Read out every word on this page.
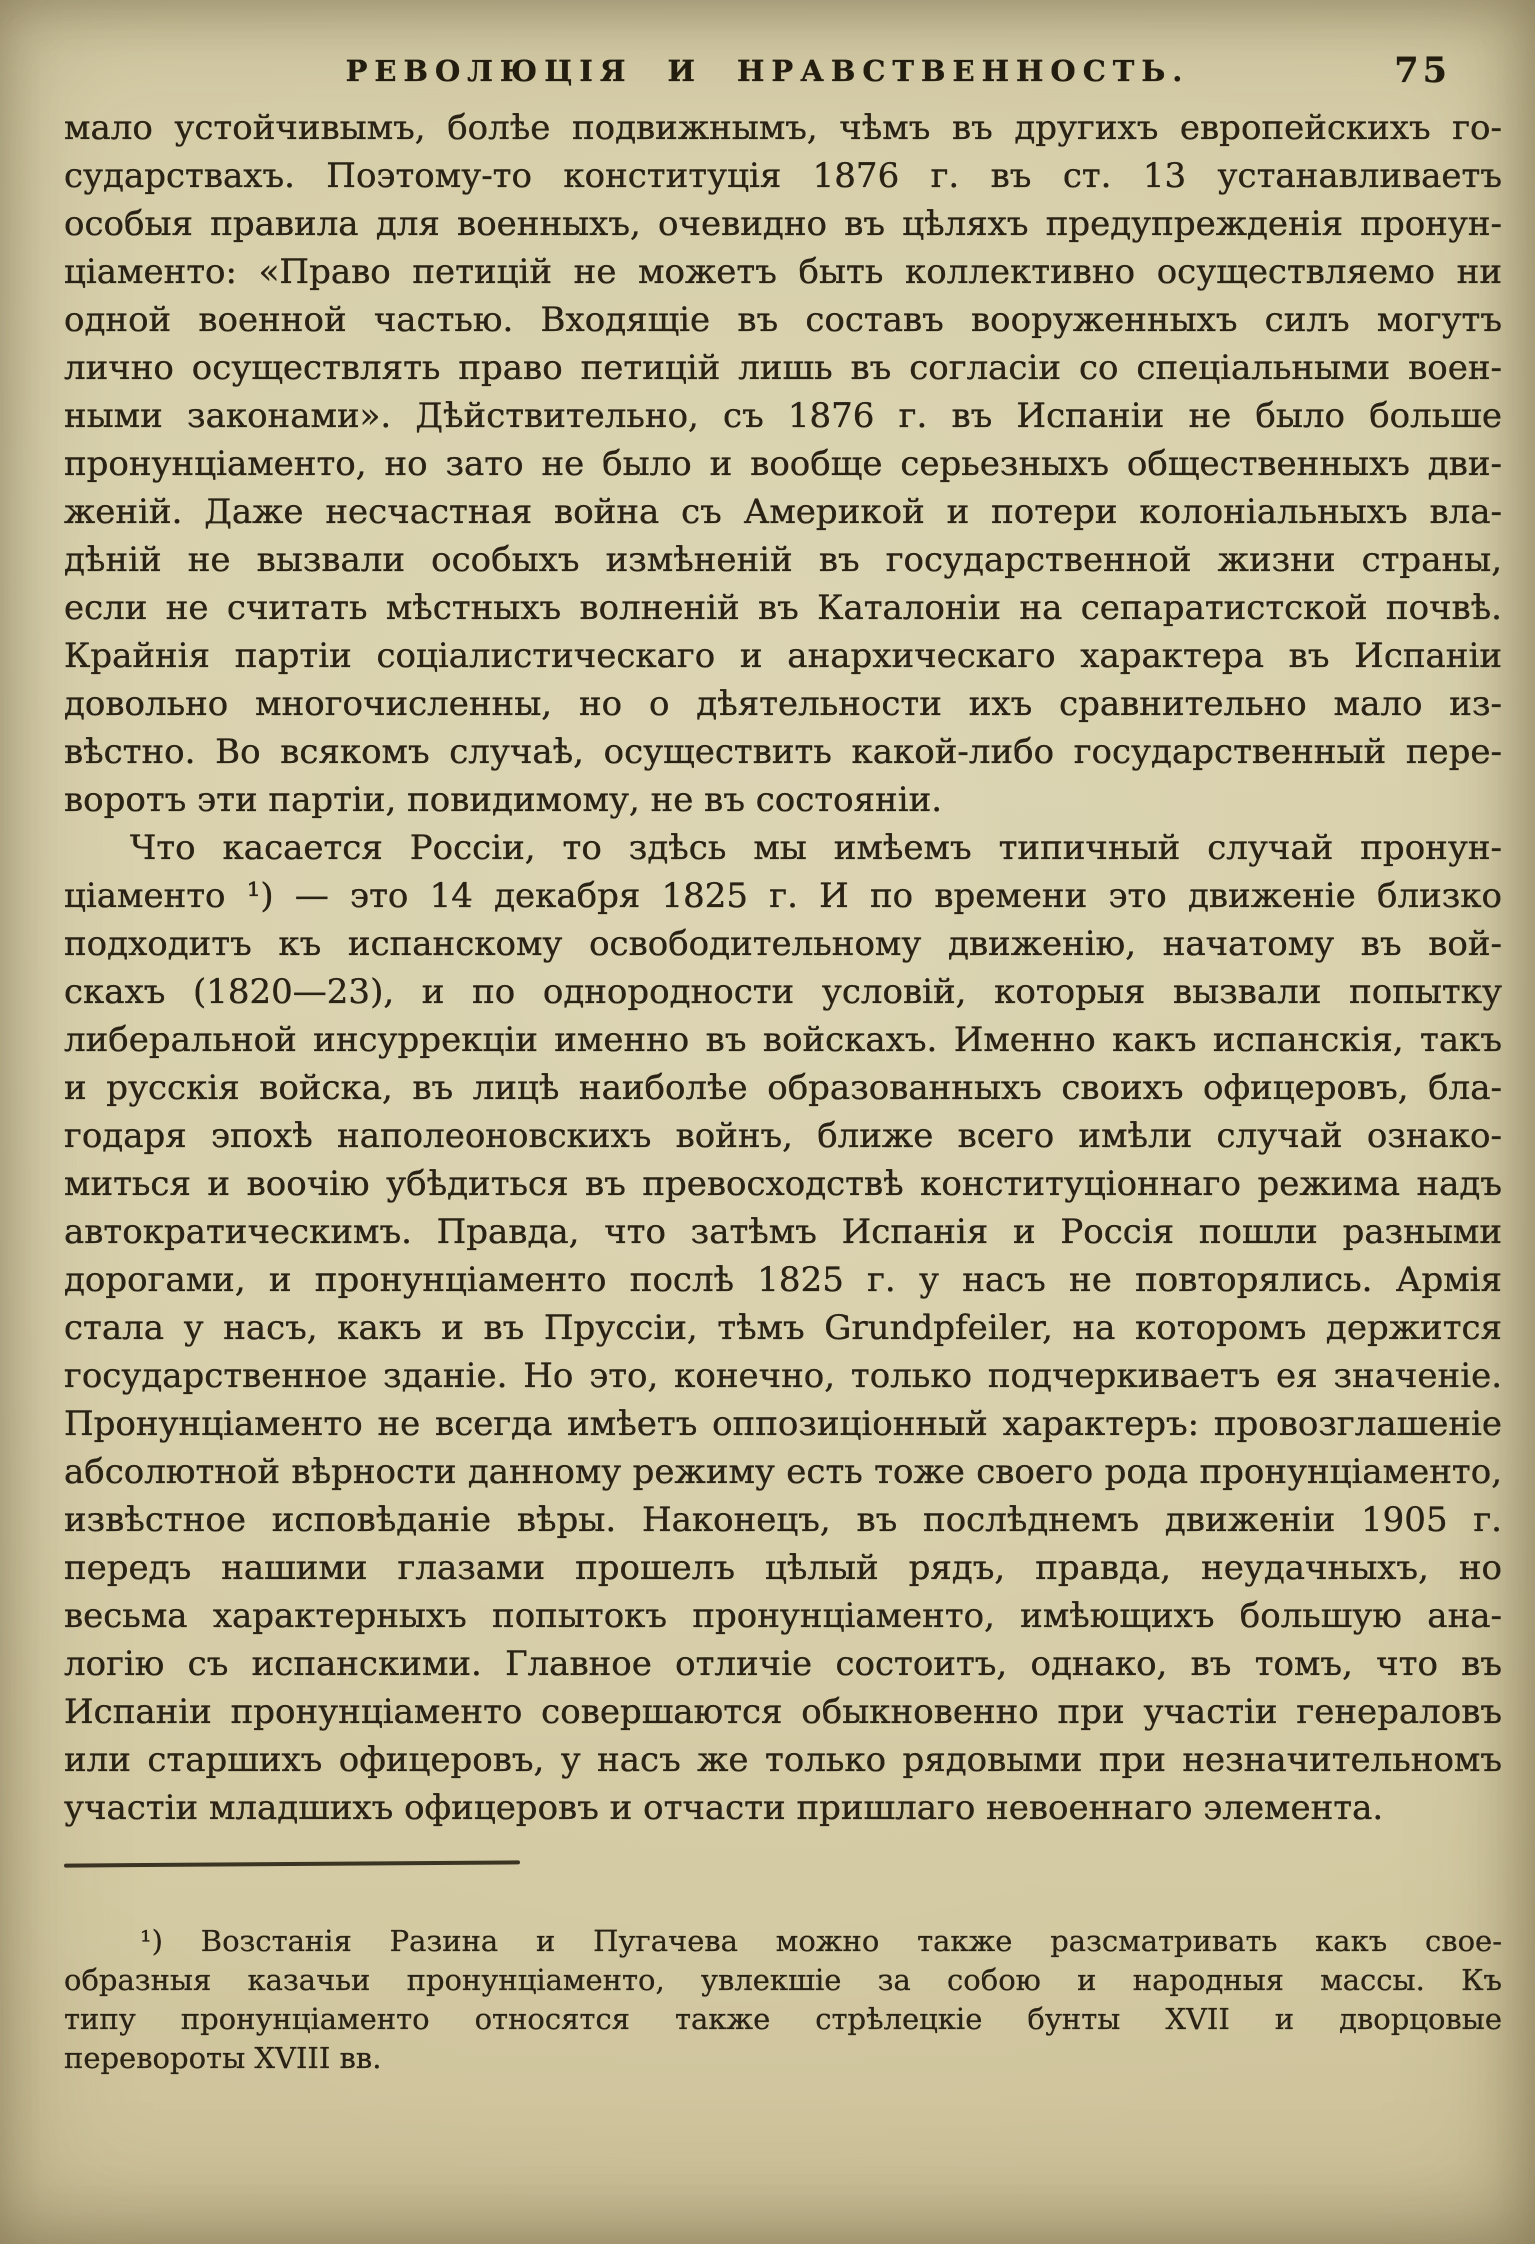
РЕВОЛЮЦІЯ И НРАВСТВЕННОСТЬ.	75
мало устойчивымъ, болѣе подвижнымъ, чѣмъ въ другихъ европейскихъ го-
сударствахъ. Поэтому-то конституція 1876 г. въ ст. 13 устанавливаетъ
особыя правила для военныхъ, очевидно въ цѣляхъ предупрежденія пронун-
ціаменто: «Право петицій не можетъ быть коллективно осуществляемо ни
одной военной частью. Входящіе въ составъ вооруженныхъ силъ могутъ
лично осуществлять право петицій лишь въ согласіи со спеціальными воен-
ными законами». Дѣйствительно, съ 1876 г. въ Испаніи не было больше
пронунціаменто, но зато не было и вообще серьезныхъ общественныхъ дви-
женій. Даже несчастная война съ Америкой и потери колоніальныхъ вла-
дѣній не вызвали особыхъ измѣненій въ государственной жизни страны,
если не считать мѣстныхъ волненій въ Каталоніи на сепаратистской почвѣ.
Крайнія партіи соціалистическаго и анархическаго характера въ Испаніи
довольно многочисленны, но о дѣятельности ихъ сравнительно мало из-
вѣстно. Во всякомъ случаѣ, осуществить какой-либо государственный пере-
воротъ эти партіи, повидимому, не въ состояніи.
Что касается Россіи, то здѣсь мы имѣемъ типичный случай пронун-
ціаменто ¹) — это 14 декабря 1825 г. И по времени это движеніе близко
подходитъ къ испанскому освободительному движенію, начатому въ вой-
скахъ (1820—23), и по однородности условій, которыя вызвали попытку
либеральной инсуррекціи именно въ войскахъ. Именно какъ испанскія, такъ
и русскія войска, въ лицѣ наиболѣе образованныхъ своихъ офицеровъ, бла-
годаря эпохѣ наполеоновскихъ войнъ, ближе всего имѣли случай ознако-
миться и воочію убѣдиться въ превосходствѣ конституціоннаго режима надъ
автократическимъ. Правда, что затѣмъ Испанія и Россія пошли разными
дорогами, и пронунціаменто послѣ 1825 г. у насъ не повторялись. Армія
стала у насъ, какъ и въ Пруссіи, тѣмъ Grundpfeiler, на которомъ держится
государственное зданіе. Но это, конечно, только подчеркиваетъ ея значеніе.
Пронунціаменто не всегда имѣетъ оппозиціонный характеръ: провозглашеніе
абсолютной вѣрности данному режиму есть тоже своего рода пронунціаменто,
извѣстное исповѣданіе вѣры. Наконецъ, въ послѣднемъ движеніи 1905 г.
передъ нашими глазами прошелъ цѣлый рядъ, правда, неудачныхъ, но
весьма характерныхъ попытокъ пронунціаменто, имѣющихъ большую ана-
логію съ испанскими. Главное отличіе состоитъ, однако, въ томъ, что въ
Испаніи пронунціаменто совершаются обыкновенно при участіи генераловъ
или старшихъ офицеровъ, у насъ же только рядовыми при незначительномъ
участіи младшихъ офицеровъ и отчасти пришлаго невоеннаго элемента.
¹) Возстанія Разина и Пугачева можно также разсматривать какъ свое-
образныя казачьи пронунціаменто, увлекшіе за собою и народныя массы. Къ
типу пронунціаменто относятся также стрѣлецкіе бунты XVII и дворцовые
перевороты XVIII вв.
